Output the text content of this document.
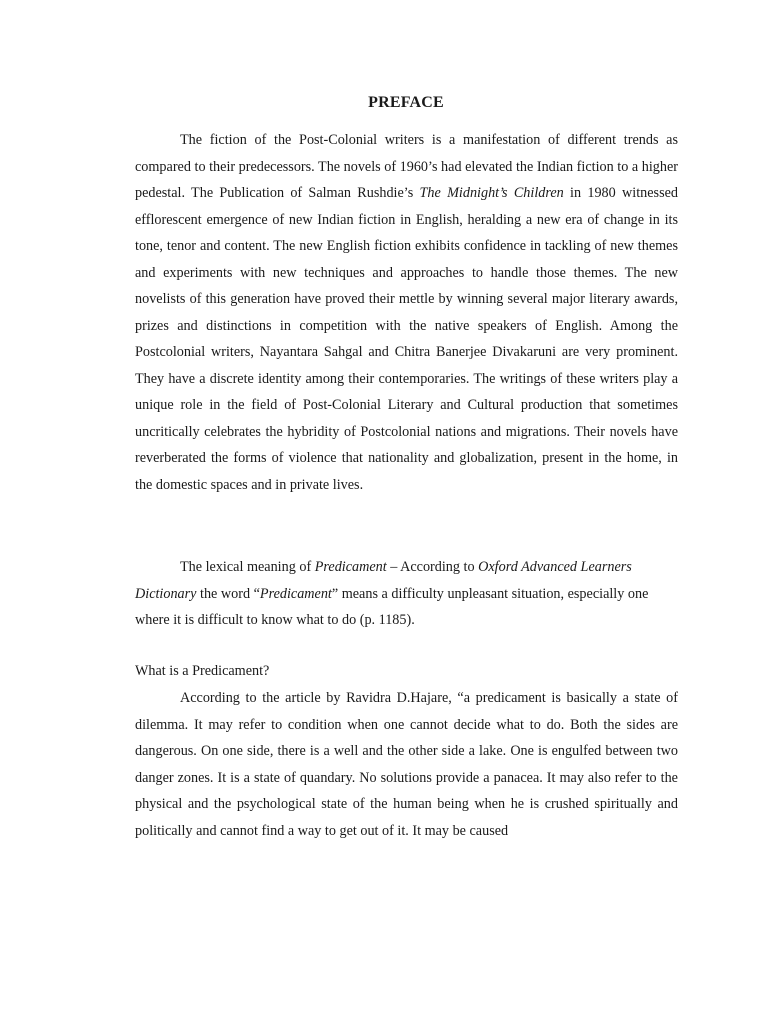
PREFACE

The fiction of the Post-Colonial writers is a manifestation of different trends as compared to their predecessors. The novels of 1960’s had elevated the Indian fiction to a higher pedestal. The Publication of Salman Rushdie’s The Midnight’s Children in 1980 witnessed efflorescent emergence of new Indian fiction in English, heralding a new era of change in its tone, tenor and content. The new English fiction exhibits confidence in tackling of new themes and experiments with new techniques and approaches to handle those themes. The new novelists of this generation have proved their mettle by winning several major literary awards, prizes and distinctions in competition with the native speakers of English. Among the Postcolonial writers, Nayantara Sahgal and Chitra Banerjee Divakaruni are very prominent. They have a discrete identity among their contemporaries. The writings of these writers play a unique role in the field of Post-Colonial Literary and Cultural production that sometimes uncritically celebrates the hybridity of Postcolonial nations and migrations. Their novels have reverberated the forms of violence that nationality and globalization, present in the home, in the domestic spaces and in private lives.

The lexical meaning of Predicament – According to Oxford Advanced Learners Dictionary the word “Predicament” means a difficulty unpleasant situation, especially one where it is difficult to know what to do (p. 1185).

What is a Predicament?

According to the article by Ravidra D.Hajare, “a predicament is basically a state of dilemma. It may refer to condition when one cannot decide what to do. Both the sides are dangerous. On one side, there is a well and the other side a lake. One is engulfed between two danger zones. It is a state of quandary. No solutions provide a panacea. It may also refer to the physical and the psychological state of the human being when he is crushed spiritually and politically and cannot find a way to get out of it. It may be caused
